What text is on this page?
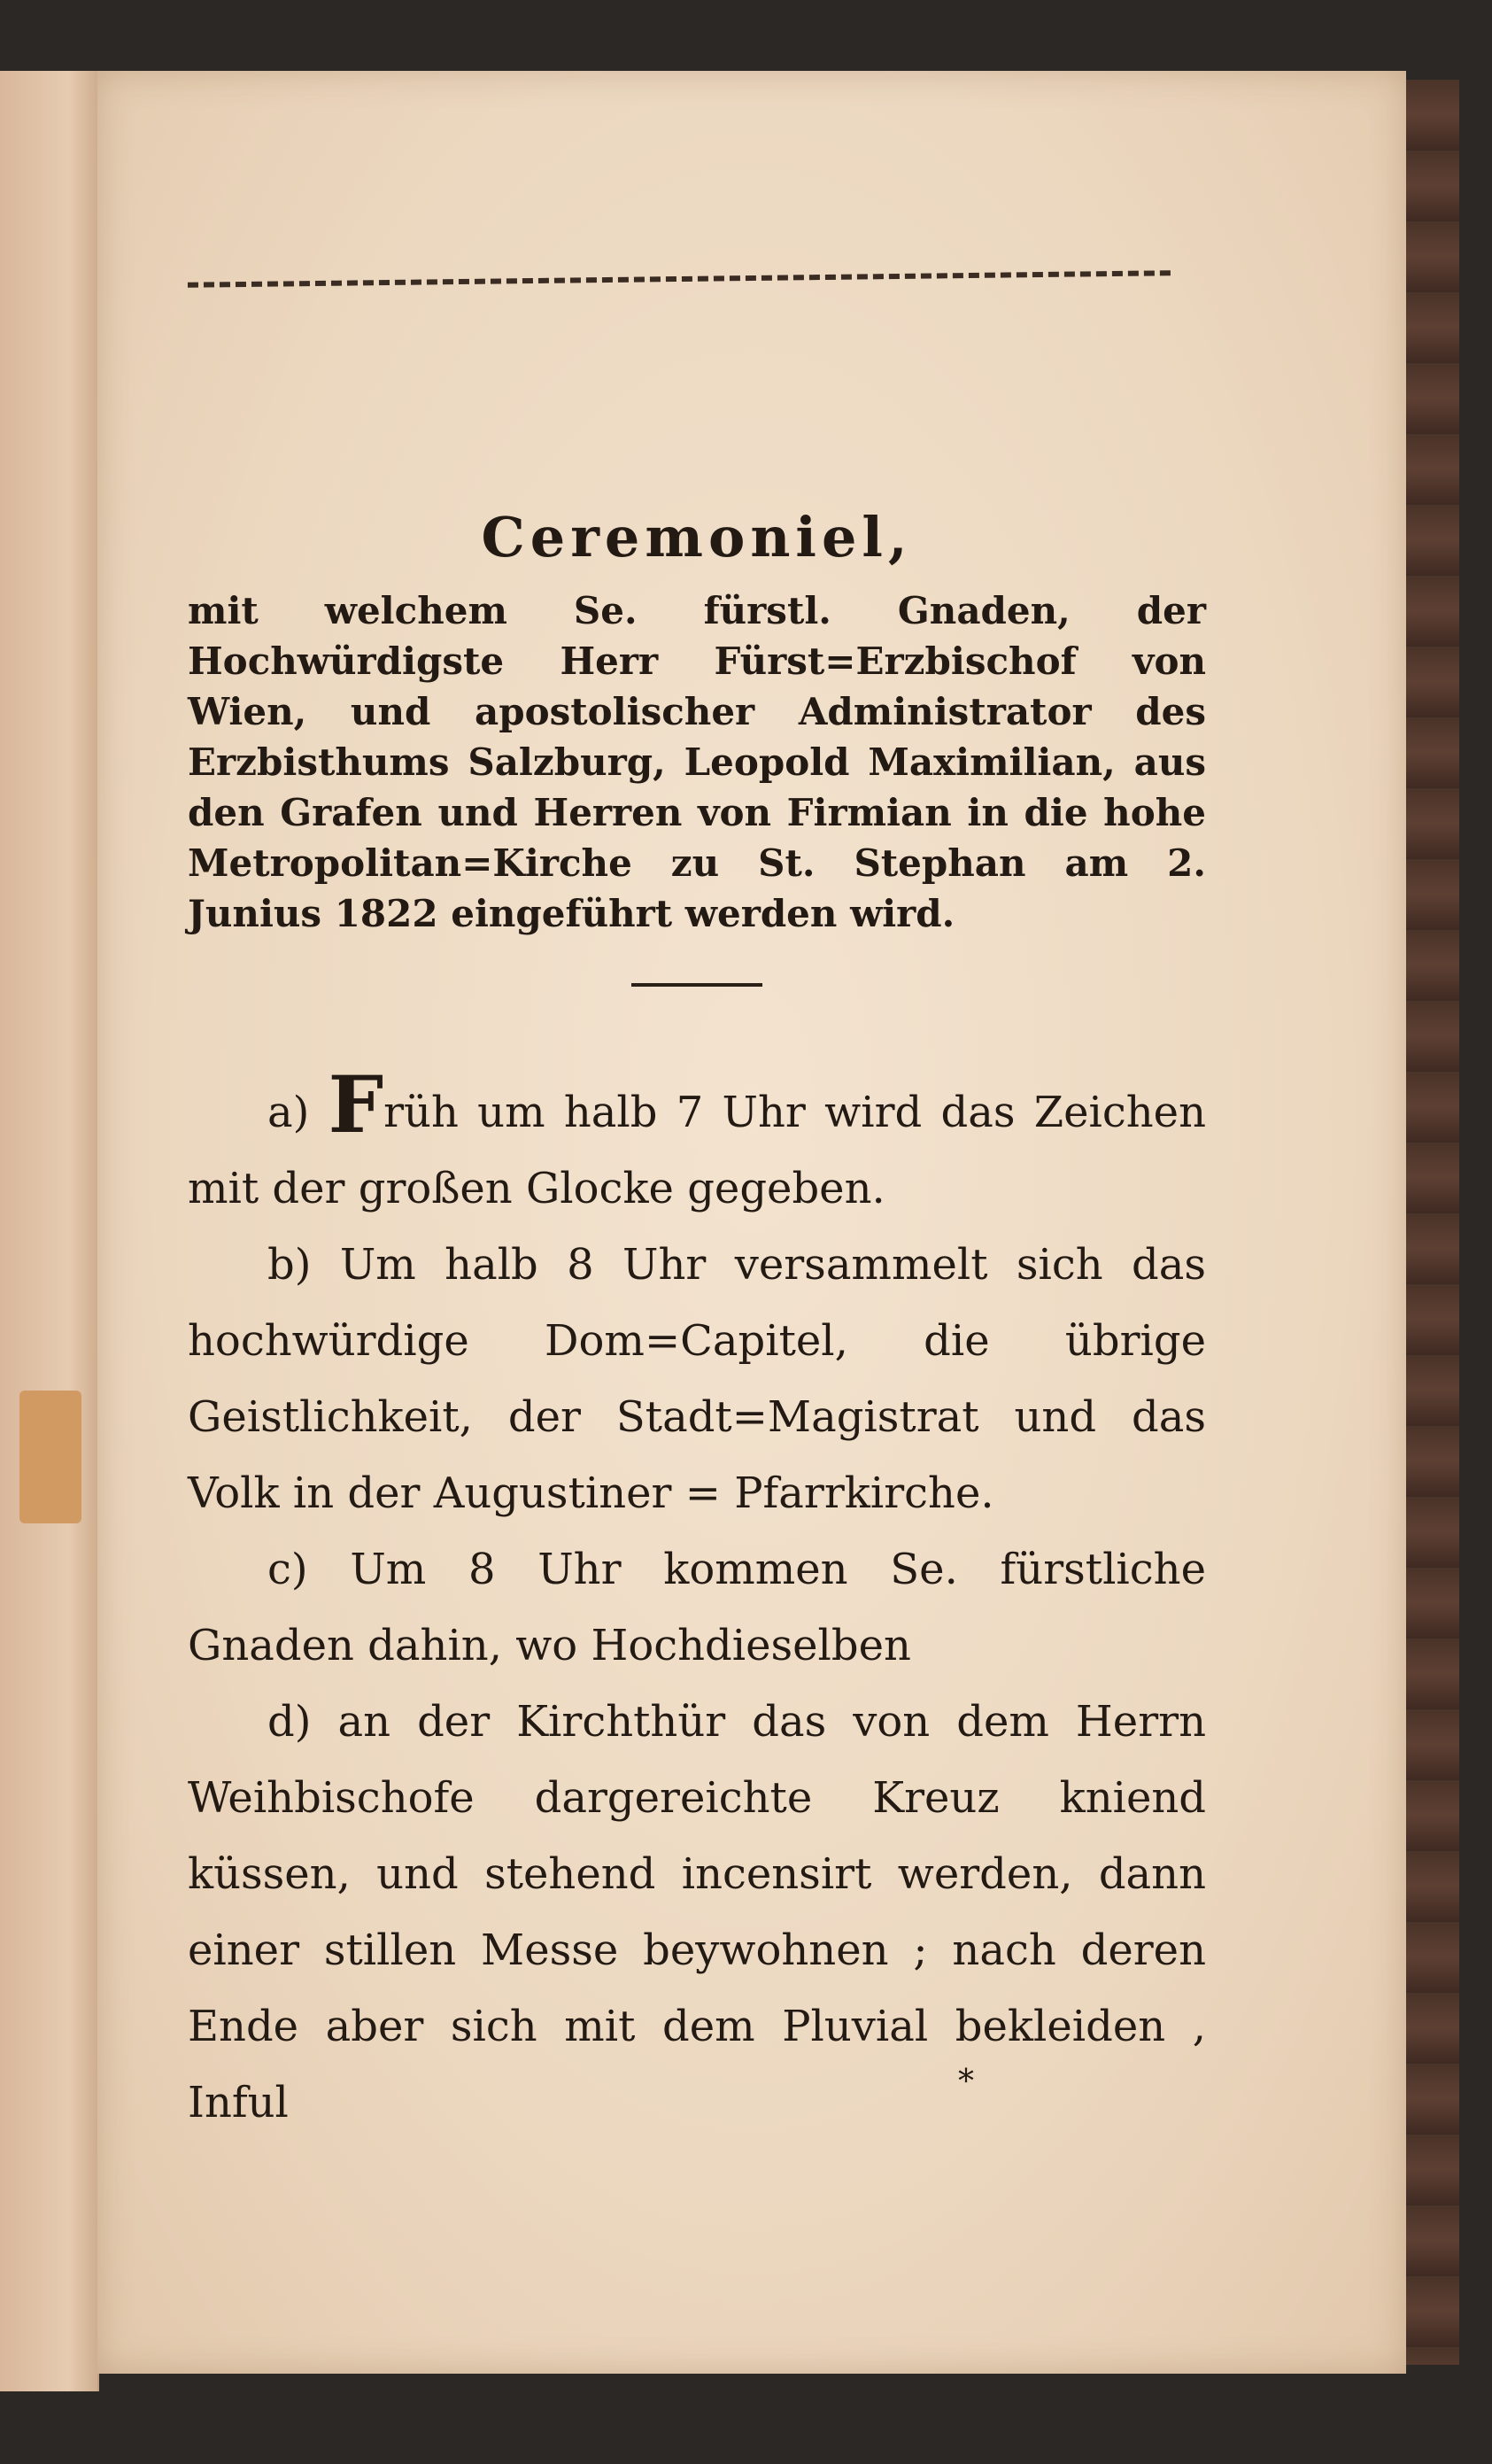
Ceremoniel,

mit welchem Se. fürstl. Gnaden, der Hochwürdigste Herr Fürst=Erzbischof von Wien, und apostolischer Administrator des Erzbisthums Salzburg, Leopold Maximilian, aus den Grafen und Herren von Firmian in die hohe Metropolitan=Kirche zu St. Stephan am 2. Junius 1822 eingeführt werden wird.

a) Früh um halb 7 Uhr wird das Zeichen mit der großen Glocke gegeben.

b) Um halb 8 Uhr versammelt sich das hochwürdige Dom=Capitel, die übrige Geistlichkeit, der Stadt=Magistrat und das Volk in der Augustiner = Pfarrkirche.

c) Um 8 Uhr kommen Se. fürstliche Gnaden dahin, wo Hochdieselben

d) an der Kirchthür das von dem Herrn Weihbischofe dargereichte Kreuz kniend küssen, und stehend incensirt werden, dann einer stillen Messe beywohnen ; nach deren Ende aber sich mit dem Pluvial bekleiden , Inful	*
